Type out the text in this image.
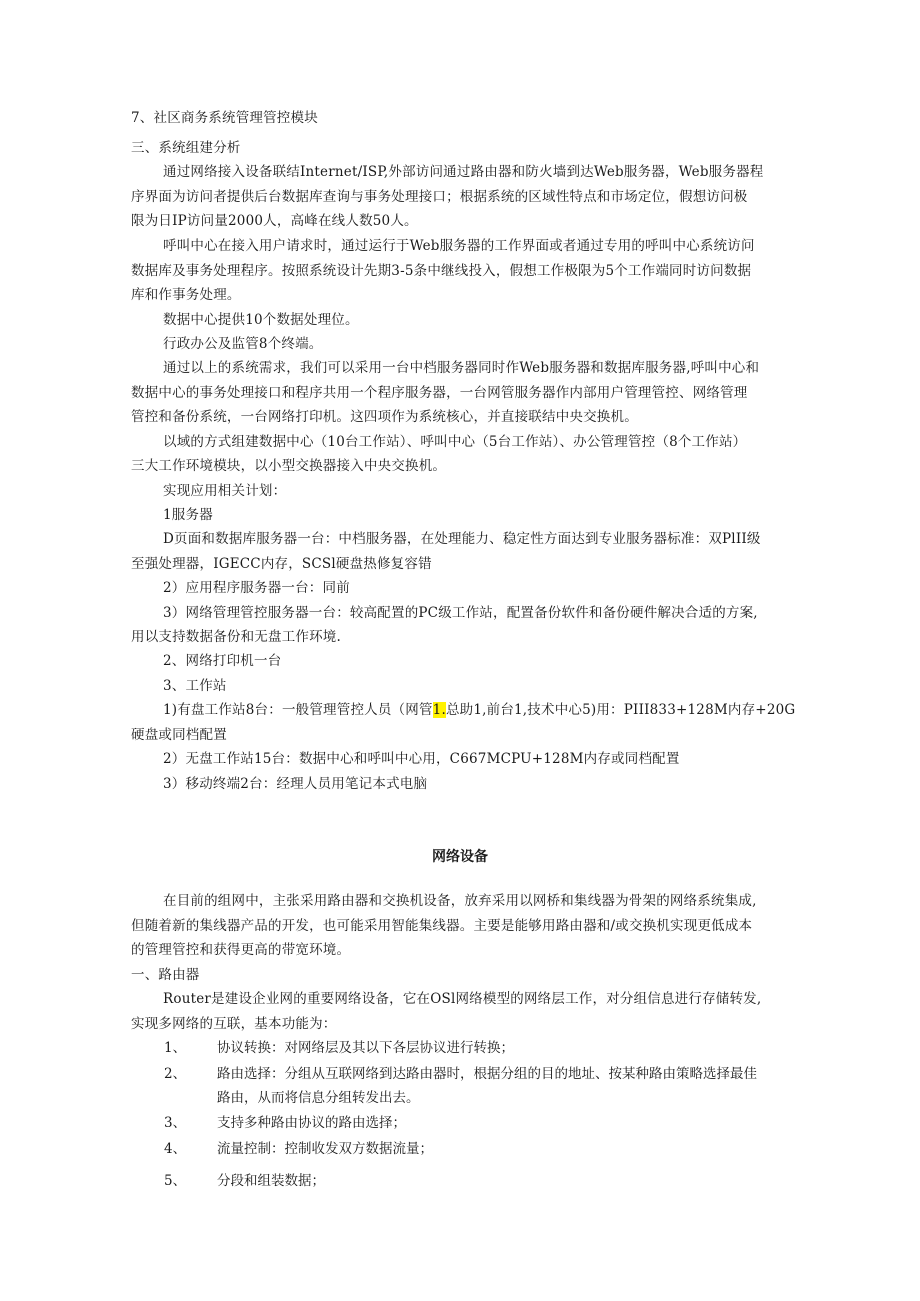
7、社区商务系统管理管控模块
三、系统组建分析
通过网络接入设备联结Internet/ISP,外部访问通过路由器和防火墙到达Web服务器，Web服务器程
序界面为访问者提供后台数据库查询与事务处理接口；根据系统的区域性特点和市场定位，假想访问极
限为日IP访问量2000人，高峰在线人数50人。
呼叫中心在接入用户请求时，通过运行于Web服务器的工作界面或者通过专用的呼叫中心系统访问
数据库及事务处理程序。按照系统设计先期3-5条中继线投入，假想工作极限为5个工作端同时访问数据
库和作事务处理。
数据中心提供10个数据处理位。
行政办公及监管8个终端。
通过以上的系统需求，我们可以采用一台中档服务器同时作Web服务器和数据库服务器,呼叫中心和
数据中心的事务处理接口和程序共用一个程序服务器，一台网管服务器作内部用户管理管控、网络管理
管控和备份系统，一台网络打印机。这四项作为系统核心，并直接联结中央交换机。
以域的方式组建数据中心（10台工作站）、呼叫中心（5台工作站）、办公管理管控（8个工作站）
三大工作环境模块，以小型交换器接入中央交换机。
实现应用相关计划：
1服务器
D页面和数据库服务器一台：中档服务器，在处理能力、稳定性方面达到专业服务器标准：双PlII级
至强处理器，IGECC内存，SCSl硬盘热修复容错
2）应用程序服务器一台：同前
3）网络管理管控服务器一台：较高配置的PC级工作站，配置备份软件和备份硬件解决合适的方案,
用以支持数据备份和无盘工作环境.
2、网络打印机一台
3、工作站
1)有盘工作站8台：一般管理管控人员（网管1.总助1,前台1,技术中心5)用：PIII833+128M内存+20G
硬盘或同档配置
2）无盘工作站15台：数据中心和呼叫中心用，C667MCPU+128M内存或同档配置
3）移动终端2台：经理人员用笔记本式电脑
网络设备
在目前的组网中，主张采用路由器和交换机设备，放弃采用以网桥和集线器为骨架的网络系统集成,
但随着新的集线器产品的开发，也可能采用智能集线器。主要是能够用路由器和/或交换机实现更低成本
的管理管控和获得更高的带宽环境。
一、路由器
Router是建设企业网的重要网络设备，它在OSl网络模型的网络层工作，对分组信息进行存储转发,
实现多网络的互联，基本功能为：
1、 协议转换：对网络层及其以下各层协议进行转换；
2、 路由选择：分组从互联网络到达路由器时，根据分组的目的地址、按某种路由策略选择最佳
路由，从而将信息分组转发出去。
3、 支持多种路由协议的路由选择；
4、 流量控制：控制收发双方数据流量；
5、 分段和组装数据；
